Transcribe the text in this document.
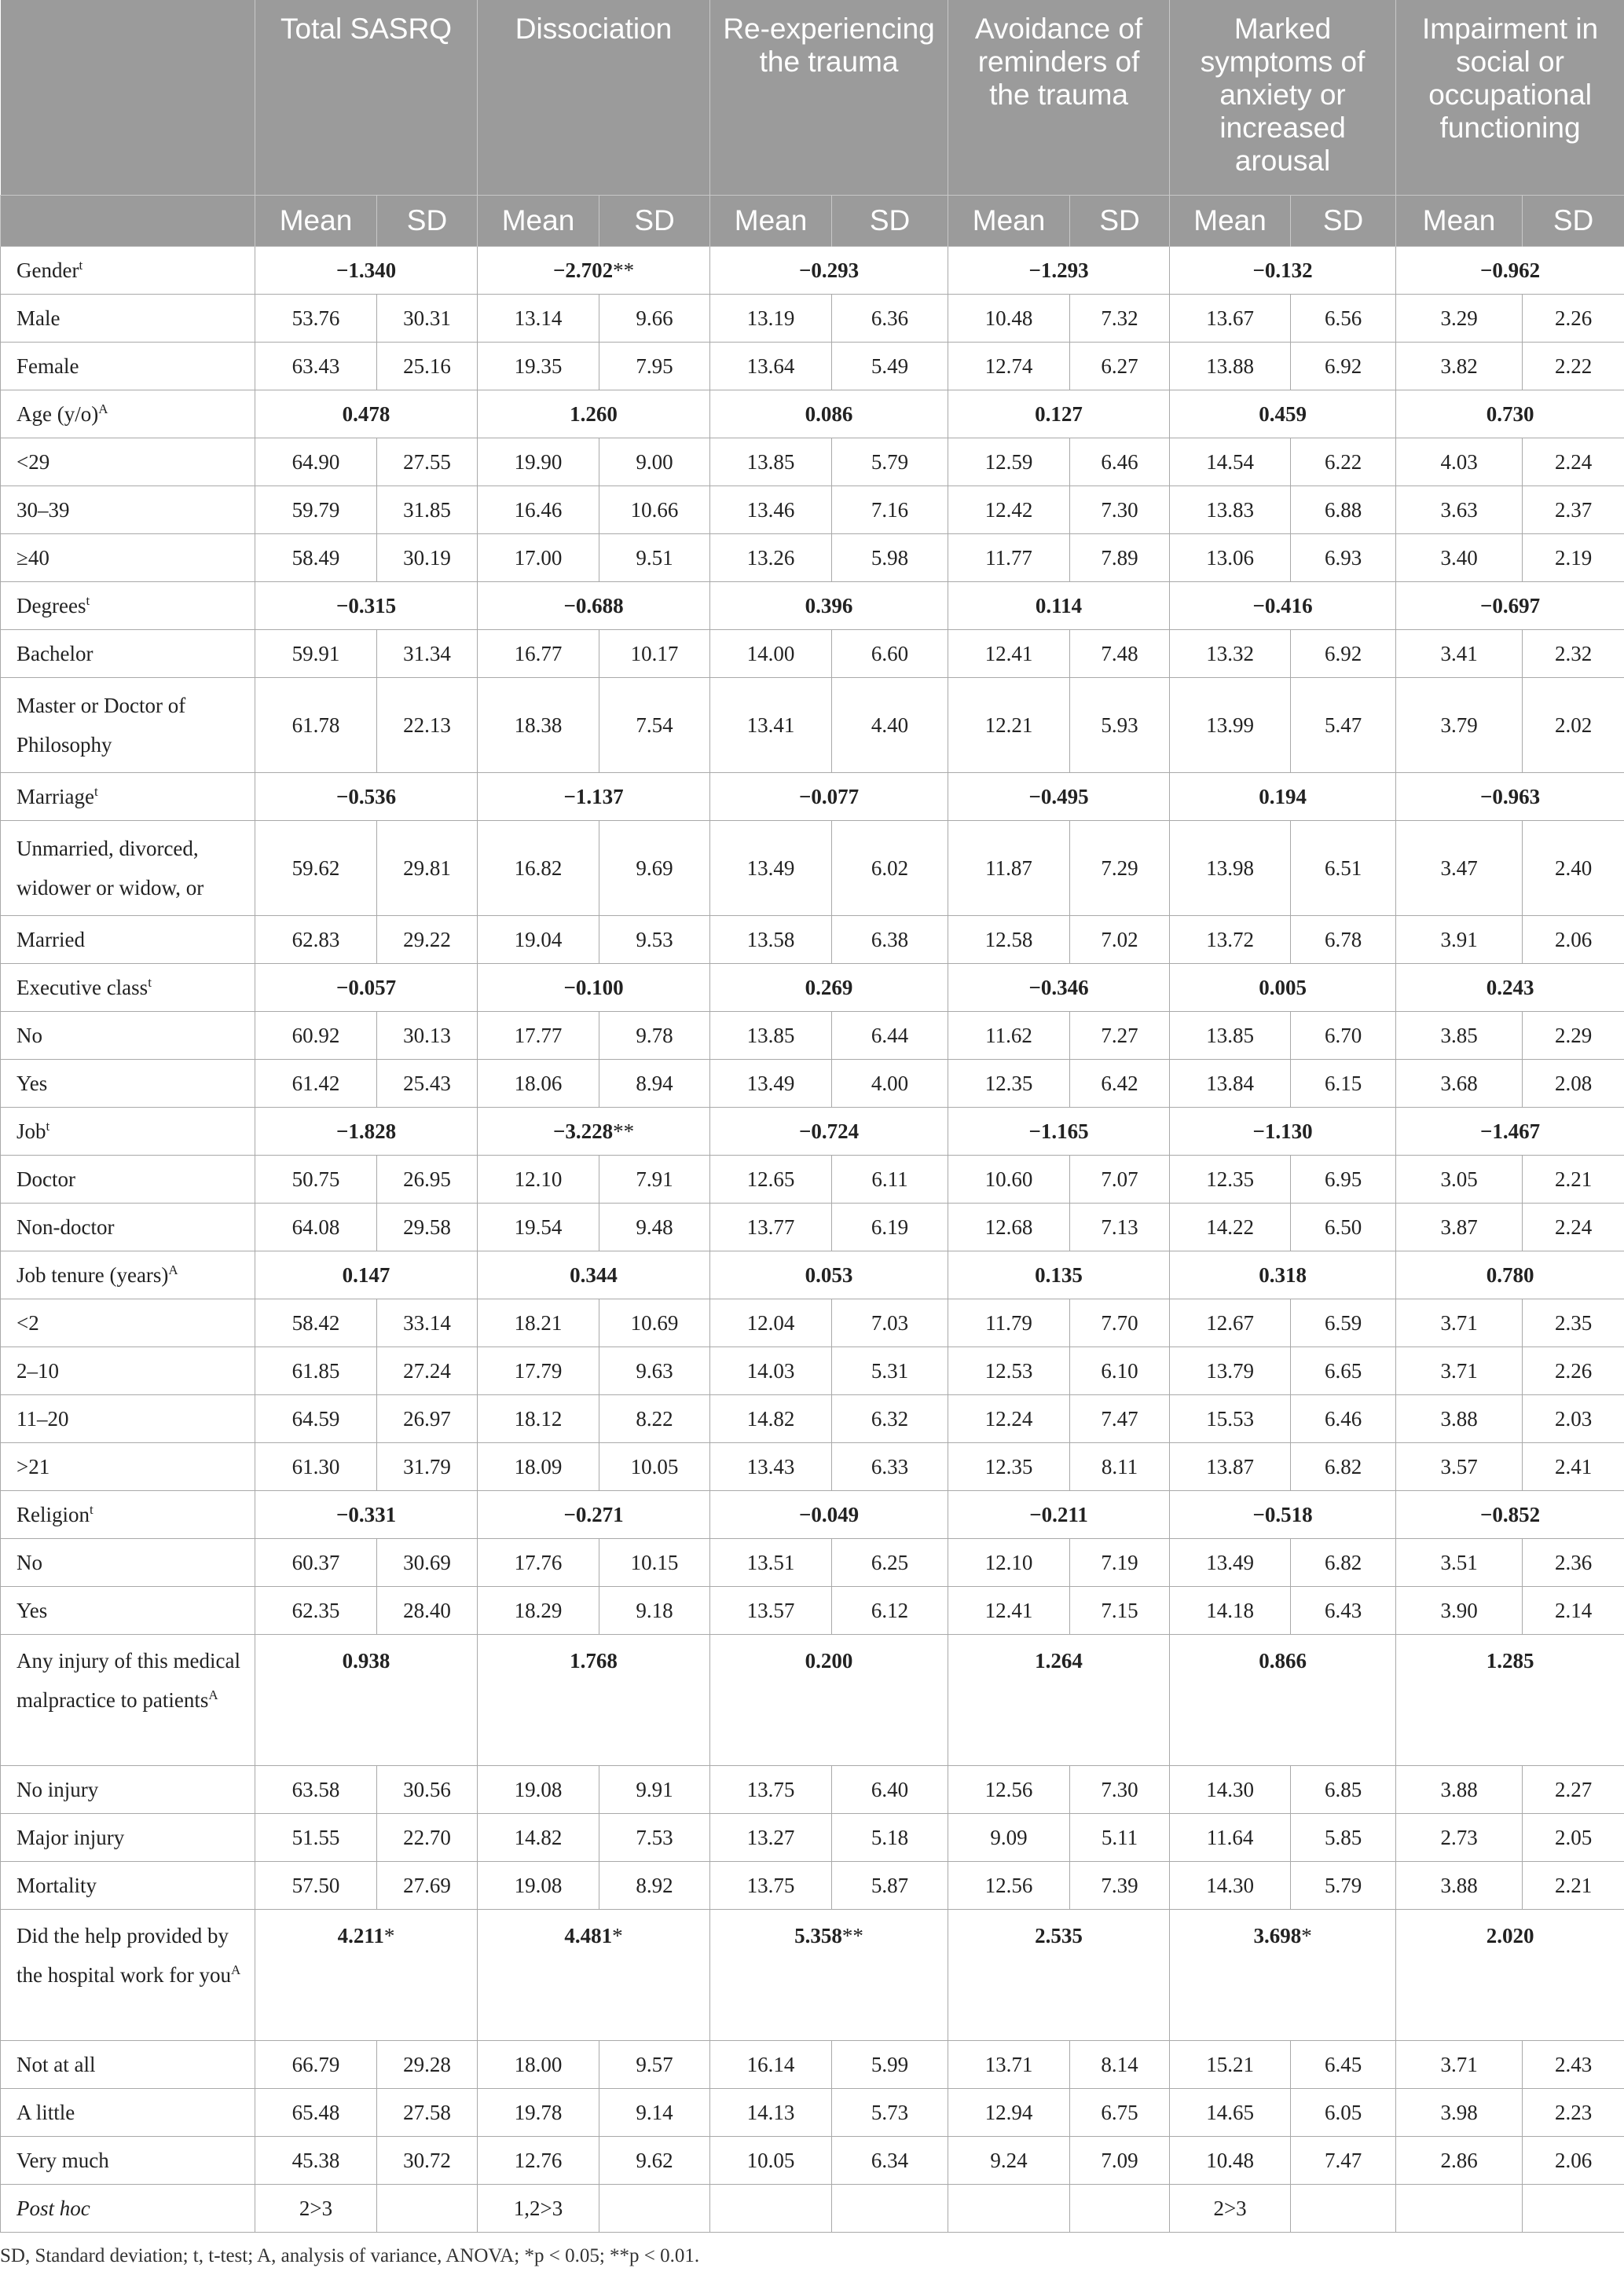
	Total SASRQ		Dissociation		Re-experiencing the trauma		Avoidance of reminders of the trauma		Marked symptoms of anxiety or increased arousal		Impairment in social or occupational functioning	
	Mean	SD	Mean	SD	Mean	SD	Mean	SD	Mean	SD	Mean	SD
Gender$^t$	−1.340		−2.702**		−0.293		−1.293		−0.132		−0.962	
Male	53.76	30.31	13.14	9.66	13.19	6.36	10.48	7.32	13.67	6.56	3.29	2.26
Female	63.43	25.16	19.35	7.95	13.64	5.49	12.74	6.27	13.88	6.92	3.82	2.22
Age $(y/o)^A$	0.478		1.260		0.086		0.127		0.459		0.730	
<29	64.90	27.55	19.90	9.00	13.85	5.79	12.59	6.46	14.54	6.22	4.03	2.24
30–39	59.79	31.85	16.46	10.66	13.46	7.16	12.42	7.30	13.83	6.88	3.63	2.37
≥40	58.49	30.19	17.00	9.51	13.26	5.98	11.77	7.89	13.06	6.93	3.40	2.19
Degrees$^t$	−0.315		−0.688		0.396		0.114		−0.416		−0.697	
Bachelor	59.91	31.34	16.77	10.17	14.00	6.60	12.41	7.48	13.32	6.92	3.41	2.32
Master or Doctor of Philosophy	61.78	22.13	18.38	7.54	13.41	4.40	12.21	5.93	13.99	5.47	3.79	2.02
Marriage$^t$	−0.536		−1.137		−0.077		−0.495		0.194		−0.963	
Unmarried, divorced, widower or widow, or	59.62	29.81	16.82	9.69	13.49	6.02	11.87	7.29	13.98	6.51	3.47	2.40
Married	62.83	29.22	19.04	9.53	13.58	6.38	12.58	7.02	13.72	6.78	3.91	2.06
Executive class$^t$	−0.057		−0.100		0.269		−0.346		0.005		0.243	
No	60.92	30.13	17.77	9.78	13.85	6.44	11.62	7.27	13.85	6.70	3.85	2.29
Yes	61.42	25.43	18.06	8.94	13.49	4.00	12.35	6.42	13.84	6.15	3.68	2.08
Job$^t$	−1.828		−3.228**		−0.724		−1.165		−1.130		−1.467	
Doctor	50.75	26.95	12.10	7.91	12.65	6.11	10.60	7.07	12.35	6.95	3.05	2.21
Non-doctor	64.08	29.58	19.54	9.48	13.77	6.19	12.68	7.13	14.22	6.50	3.87	2.24
Job tenure (years)$^A$	0.147		0.344		0.053		0.135		0.318		0.780	
<2	58.42	33.14	18.21	10.69	12.04	7.03	11.79	7.70	12.67	6.59	3.71	2.35
2–10	61.85	27.24	17.79	9.63	14.03	5.31	12.53	6.10	13.79	6.65	3.71	2.26
11–20	64.59	26.97	18.12	8.22	14.82	6.32	12.24	7.47	15.53	6.46	3.88	2.03
>21	61.30	31.79	18.09	10.05	13.43	6.33	12.35	8.11	13.87	6.82	3.57	2.41
Religion$^t$	−0.331		−0.271		−0.049		−0.211		−0.518		−0.852	
No	60.37	30.69	17.76	10.15	13.51	6.25	12.10	7.19	13.49	6.82	3.51	2.36
Yes	62.35	28.40	18.29	9.18	13.57	6.12	12.41	7.15	14.18	6.43	3.90	2.14
Any injury of this medical malpractice to patients$^A$	0.938		1.768		0.200		1.264		0.866		1.285	
No injury	63.58	30.56	19.08	9.91	13.75	6.40	12.56	7.30	14.30	6.85	3.88	2.27
Major injury	51.55	22.70	14.82	7.53	13.27	5.18	9.09	5.11	11.64	5.85	2.73	2.05
Mortality	57.50	27.69	19.08	8.92	13.75	5.87	12.56	7.39	14.30	5.79	3.88	2.21
Did the help provided by the hospital work for you$^A$	4.211*		4.481*		5.358**		2.535		3.698*		2.020	
Not at all	66.79	29.28	18.00	9.57	16.14	5.99	13.71	8.14	15.21	6.45	3.71	2.43
A little	65.48	27.58	19.78	9.14	14.13	5.73	12.94	6.75	14.65	6.05	3.98	2.23
Very much	45.38	30.72	12.76	9.62	10.05	6.34	9.24	7.09	10.48	7.47	2.86	2.06
Post hoc	2>3		1,2>3						2>3			
SD, Standard deviation; t, t-test; A, analysis of variance, ANOVA; *p < 0.05; **p < 0.01.
